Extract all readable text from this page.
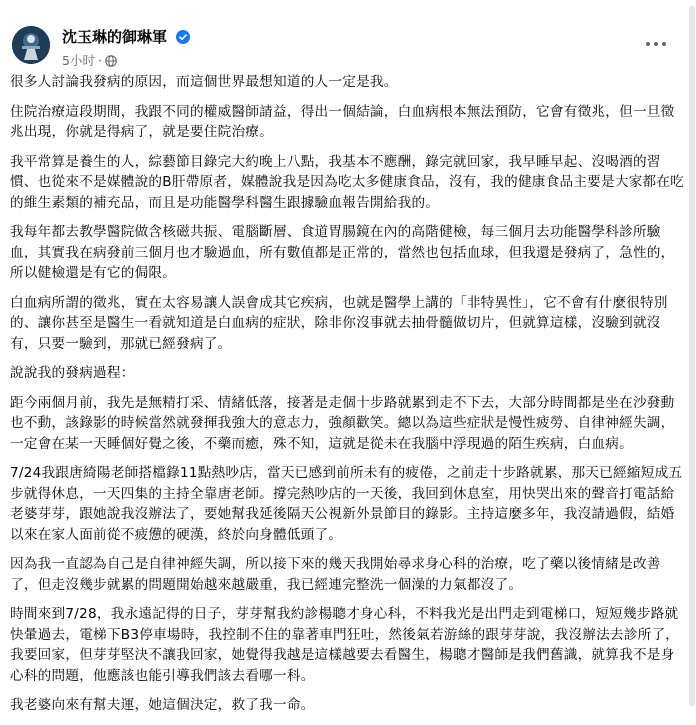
沈玉琳的御琳軍
5小时 ·

很多人討論我發病的原因，而這個世界最想知道的人一定是我。

住院治療這段期間，我跟不同的權威醫師請益，得出一個結論，白血病根本無法預防，它會有徵兆，但一旦徵兆出現，你就是得病了，就是要住院治療。

我平常算是養生的人，綜藝節目錄完大約晚上八點，我基本不應酬，錄完就回家，我早睡早起、沒喝酒的習慣、也從來不是媒體說的B肝帶原者，媒體說我是因為吃太多健康食品，沒有，我的健康食品主要是大家都在吃的維生素類的補充品，而且是功能醫學科醫生跟據驗血報告開給我的。

我每年都去教學醫院做含核磁共振、電腦斷層、食道胃腸鏡在內的高階健檢，每三個月去功能醫學科診所驗血，其實我在病發前三個月也才驗過血，所有數值都是正常的，當然也包括血球，但我還是發病了，急性的，所以健檢還是有它的侷限。

白血病所謂的徵兆，實在太容易讓人誤會成其它疾病，也就是醫學上講的「非特異性」，它不會有什麼很特別的、讓你甚至是醫生一看就知道是白血病的症狀，除非你沒事就去抽骨髓做切片，但就算這樣，沒驗到就沒有，只要一驗到，那就已經發病了。

說說我的發病過程：

距今兩個月前，我先是無精打采、情緒低落，接著是走個十步路就累到走不下去，大部分時間都是坐在沙發動也不動，該錄影的時候當然就發揮我強大的意志力，強顏歡笑。總以為這些症狀是慢性疲勞、自律神經失調，一定會在某一天睡個好覺之後，不藥而癒，殊不知，這就是從未在我腦中浮現過的陌生疾病，白血病。

7/24我跟唐綺陽老師搭檔錄11點熱吵店，當天已感到前所未有的疲倦，之前走十步路就累，那天已經縮短成五步就得休息，一天四集的主持全靠唐老師。撐完熱吵店的一天後，我回到休息室，用快哭出來的聲音打電話給老婆芽芽，跟她說我沒辦法了，要她幫我延後隔天公視新外景節目的錄影。主持這麼多年，我沒請過假，結婚以來在家人面前從不疲憊的硬漢，終於向身體低頭了。

因為我一直認為自己是自律神經失調，所以接下來的幾天我開始尋求身心科的治療，吃了藥以後情緒是改善了，但走沒幾步就累的問題開始越來越嚴重，我已經連完整洗一個澡的力氣都沒了。

時間來到7/28，我永遠記得的日子，芽芽幫我約診楊聰才身心科，不料我光是出門走到電梯口，短短幾步路就快暈過去，電梯下B3停車場時，我控制不住的靠著車門狂吐，然後氣若游絲的跟芽芽說，我沒辦法去診所了，我要回家，但芽芽堅決不讓我回家，她覺得我越是這樣越要去看醫生，楊聰才醫師是我們舊識，就算我不是身心科的問題，他應該也能引導我們該去看哪一科。

我老婆向來有幫夫運，她這個決定，救了我一命。
